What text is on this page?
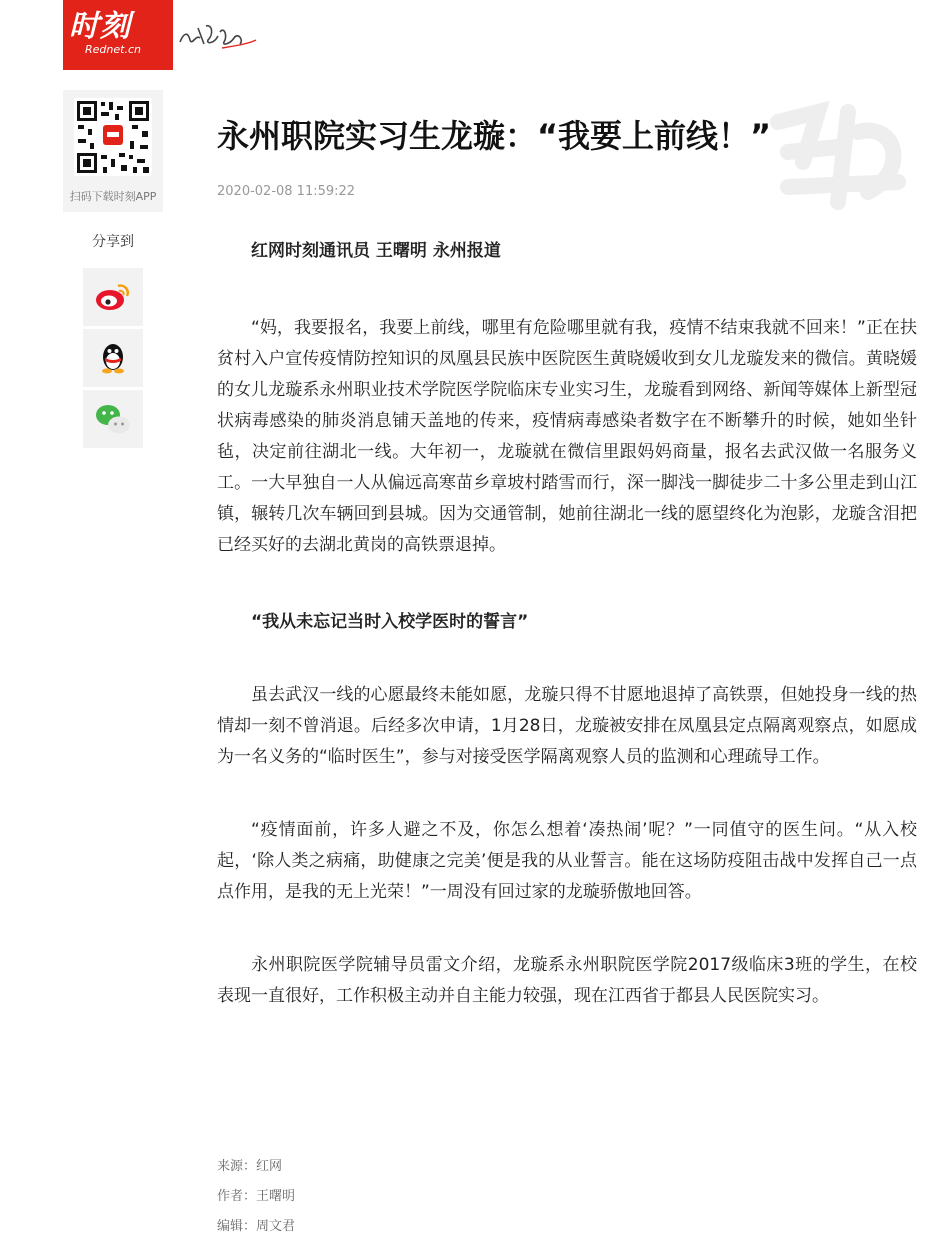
时刻
Rednet.cn
扫码下载时刻APP
分享到
永州职院实习生龙璇：“我要上前线！”
2020-02-08 11:59:22

红网时刻通讯员 王曙明 永州报道

“妈，我要报名，我要上前线，哪里有危险哪里就有我，疫情不结束我就不回来！”正在扶贫村入户宣传疫情防控知识的凤凰县民族中医院医生黄晓媛收到女儿龙璇发来的微信。黄晓媛的女儿龙璇系永州职业技术学院医学院临床专业实习生，龙璇看到网络、新闻等媒体上新型冠状病毒感染的肺炎消息铺天盖地的传来，疫情病毒感染者数字在不断攀升的时候，她如坐针毡，决定前往湖北一线。大年初一，龙璇就在微信里跟妈妈商量，报名去武汉做一名服务义工。一大早独自一人从偏远高寒苗乡章坡村踏雪而行，深一脚浅一脚徒步二十多公里走到山江镇，辗转几次车辆回到县城。因为交通管制，她前往湖北一线的愿望终化为泡影，龙璇含泪把已经买好的去湖北黄岗的高铁票退掉。

“我从未忘记当时入校学医时的誓言”

虽去武汉一线的心愿最终未能如愿，龙璇只得不甘愿地退掉了高铁票，但她投身一线的热情却一刻不曾消退。后经多次申请，1月28日，龙璇被安排在凤凰县定点隔离观察点，如愿成为一名义务的“临时医生”，参与对接受医学隔离观察人员的监测和心理疏导工作。

“疫情面前，许多人避之不及，你怎么想着‘凑热闹’呢？”一同值守的医生问。“从入校起，‘除人类之病痛，助健康之完美’便是我的从业誓言。能在这场防疫阻击战中发挥自己一点点作用，是我的无上光荣！”一周没有回过家的龙璇骄傲地回答。

永州职院医学院辅导员雷文介绍，龙璇系永州职院医学院2017级临床3班的学生，在校表现一直很好，工作积极主动并自主能力较强，现在江西省于都县人民医院实习。

来源：红网
作者：王曙明
编辑：周文君
